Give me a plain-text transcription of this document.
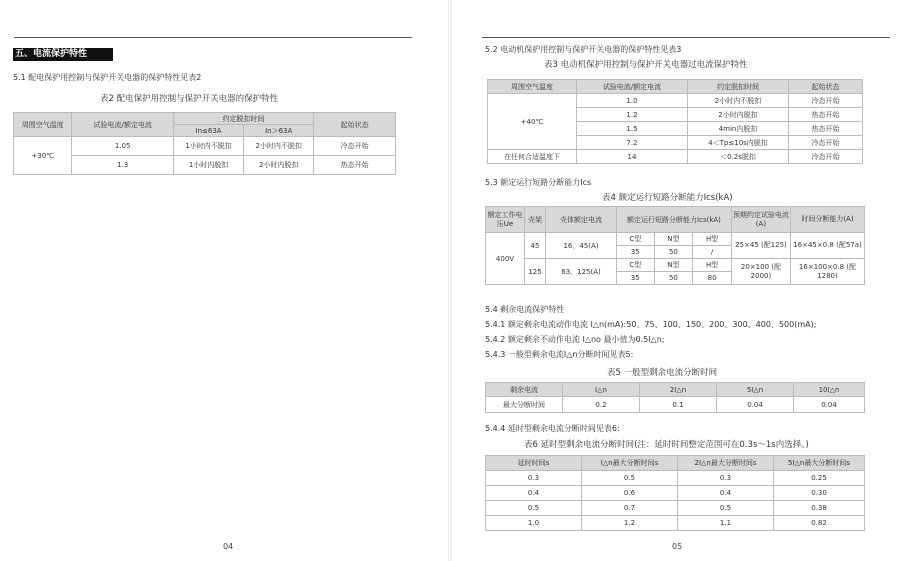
五、电流保护特性
5.1 配电保护用控制与保护开关电器的保护特性见表2
表2 配电保护用控制与保护开关电器的保护特性
周围空气温度	试验电流/额定电流	约定脱扣时间		起始状态
		In≤63A	In＞63A	
+30℃	1.05	1小时内不脱扣	2小时内不脱扣	冷态开始
	1.3	1小时内脱扣	2小时内脱扣	热态开始
04
5.2 电动机保护用控制与保护开关电器的保护特性见表3
表3 电动机保护用控制与保护开关电器过电流保护特性
周围空气温度	试验电流/额定电流	约定脱扣时间	起始状态
+40℃	1.0	2小时内不脱扣	冷态开始
	1.2	2小时内脱扣	热态开始
	1.5	4min内脱扣	热态开始
	7.2	4＜Tp≤10s内脱扣	冷态开始
在任何合适温度下	14	＜0.2s脱扣	冷态开始
5.3 额定运行短路分断能力Ics
表4 额定运行短路分断能力Ics(kA)
额定工作电压Ue	壳架	壳体额定电流	额定运行短路分断能力Ics(kA)			预期约定试验电流(A)	时间分断能力(A)
400V	45	16、45(A)	C型	N型	H型	25×45 (配125)	16×45×0.8 (配57a)
			35	50	/		
	125	63、125(A)	C型	N型	H型	20×100 (配2000)	16×100×0.8 (配1280)
			35	50	80		
5.4 剩余电流保护特性
5.4.1 额定剩余电流动作电流 I△n(mA):50、75、100、150、200、300、400、500(mA);
5.4.2 额定剩余不动作电流 I△no 最小值为0.5I△n;
5.4.3 一般型剩余电流I△n分断时间见表5:
表5 一般型剩余电流分断时间
剩余电流	I△n	2I△n	5I△n	10I△n
最大分断时间	0.2	0.1	0.04	0.04
5.4.4 延时型剩余电流分断时间见表6:
表6 延时型剩余电流分断时间(注：延时时间整定范围可在0.3s～1s内选择。)
延时时间s	I△n最大分断时间s	2I△n最大分断时间s	5I△n最大分断时间s
0.3	0.5	0.3	0.25
0.4	0.6	0.4	0.30
0.5	0.7	0.5	0.38
1.0	1.2	1.1	0.82
05
